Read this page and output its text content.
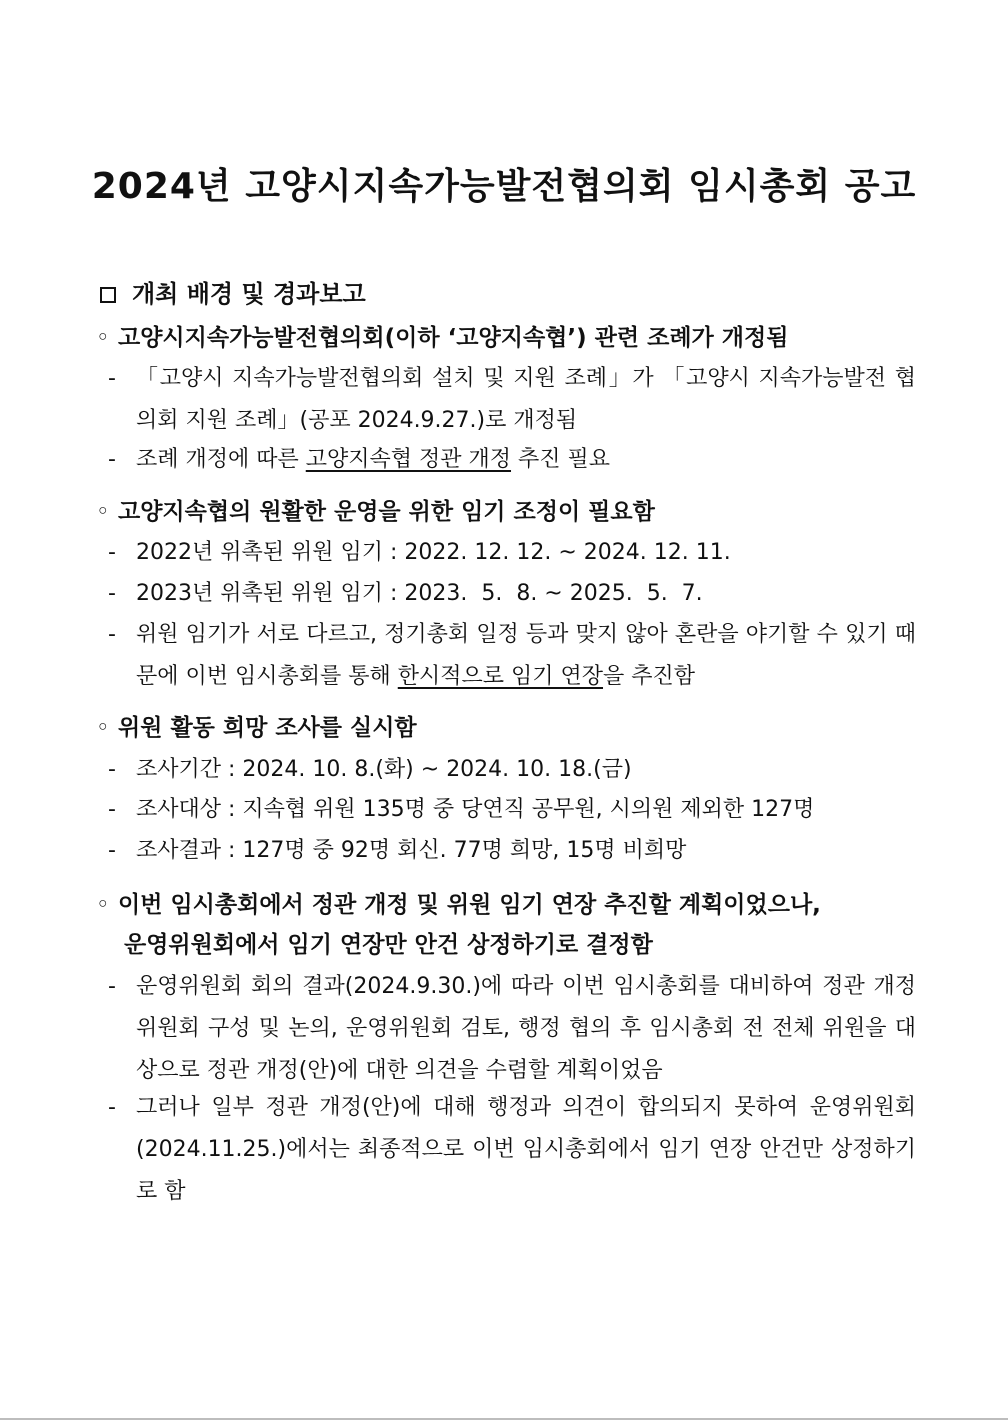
2024년 고양시지속가능발전협의회 임시총회 공고
개최 배경 및 경과보고
◦ 고양시지속가능발전협의회(이하 ‘고양지속협’) 관련 조례가 개정됨
- 「고양시 지속가능발전협의회 설치 및 지원 조례」가 「고양시 지속가능발전 협의회 지원 조례」(공포 2024.9.27.)로 개정됨
- 조례 개정에 따른 고양지속협 정관 개정 추진 필요
◦ 고양지속협의 원활한 운영을 위한 임기 조정이 필요함
- 2022년 위촉된 위원 임기 : 2022. 12. 12. ~ 2024. 12. 11.
- 2023년 위촉된 위원 임기 : 2023.  5.  8. ~ 2025.  5.  7.
- 위원 임기가 서로 다르고, 정기총회 일정 등과 맞지 않아 혼란을 야기할 수 있기 때문에 이번 임시총회를 통해 한시적으로 임기 연장을 추진함
◦ 위원 활동 희망 조사를 실시함
- 조사기간 : 2024. 10. 8.(화) ~ 2024. 10. 18.(금)
- 조사대상 : 지속협 위원 135명 중 당연직 공무원, 시의원 제외한 127명
- 조사결과 : 127명 중 92명 회신. 77명 희망, 15명 비희망
◦ 이번 임시총회에서 정관 개정 및 위원 임기 연장 추진할 계획이었으나,
운영위원회에서 임기 연장만 안건 상정하기로 결정함
- 운영위원회 회의 결과(2024.9.30.)에 따라 이번 임시총회를 대비하여 정관 개정위원회 구성 및 논의, 운영위원회 검토, 행정 협의 후 임시총회 전 전체 위원을 대상으로 정관 개정(안)에 대한 의견을 수렴할 계획이었음
- 그러나 일부 정관 개정(안)에 대해 행정과 의견이 합의되지 못하여 운영위원회(2024.11.25.)에서는 최종적으로 이번 임시총회에서 임기 연장 안건만 상정하기로 함
